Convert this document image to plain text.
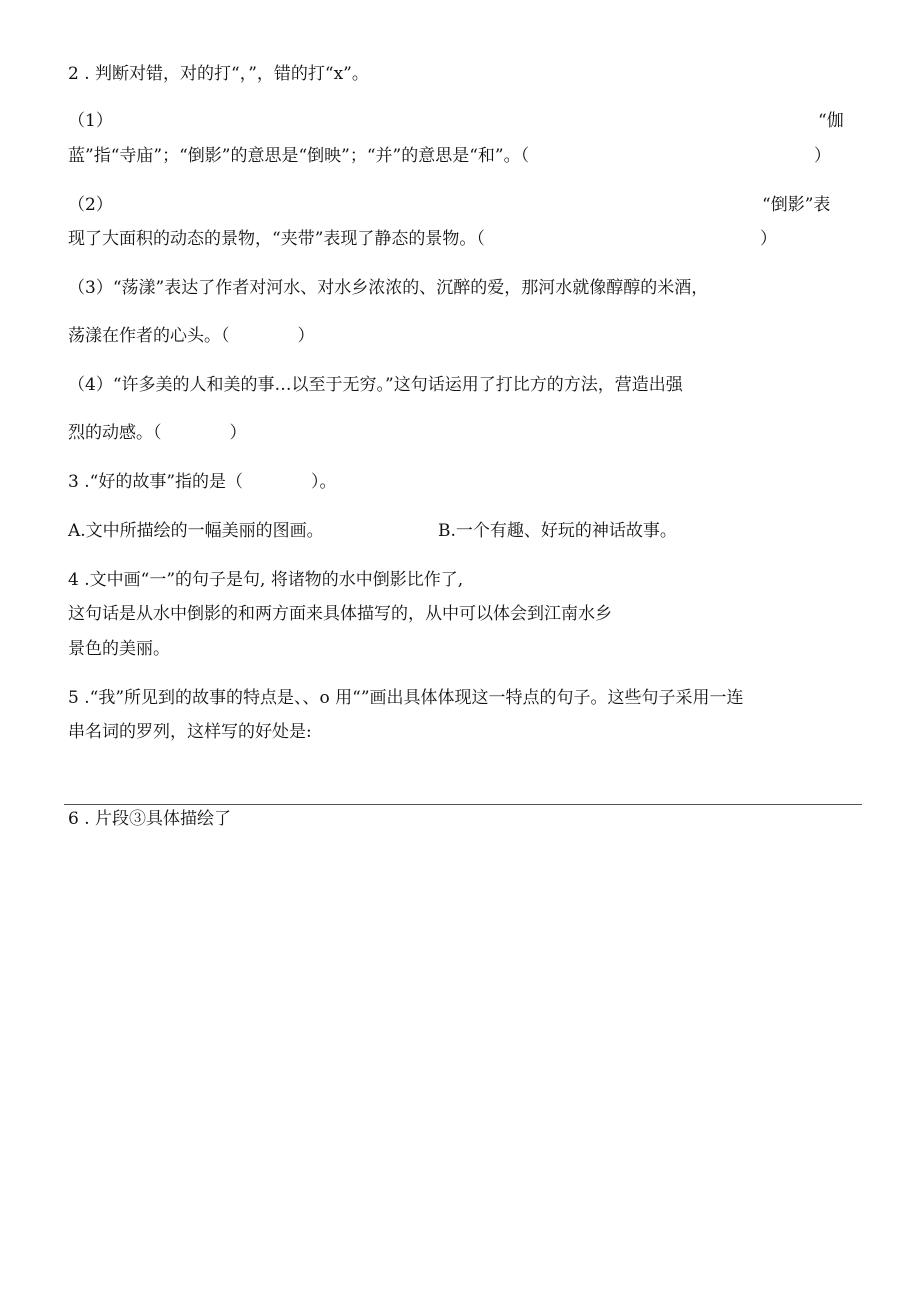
2 . 判断对错，对的打“，”，错的打“x”。
（1）	“伽
蓝”指“寺庙”；“倒影”的意思是“倒映”；“并”的意思是“和”。（	）
（2）	“倒影”表
现了大面积的动态的景物，“夹带”表现了静态的景物。（	）
（3）“荡漾”表达了作者对河水、对水乡浓浓的、沉醉的爱，那河水就像醇醇的米酒，
荡漾在作者的心头。（　　　　）
（4）“许多美的人和美的事…以至于无穷。”这句话运用了打比方的方法，营造出强
烈的动感。（　　　　）
3 .“好的故事”指的是（　　　　）。
A.文中所描绘的一幅美丽的图画。	B.一个有趣、好玩的神话故事。
4 .文中画“一”的句子是句, 将诸物的水中倒影比作了,
这句话是从水中倒影的和两方面来具体描写的，从中可以体会到江南水乡
景色的美丽。
5 .“我”所见到的故事的特点是、、o 用“”画出具体体现这一特点的句子。这些句子采用一连
串名词的罗列，这样写的好处是:
6 . 片段③具体描绘了
